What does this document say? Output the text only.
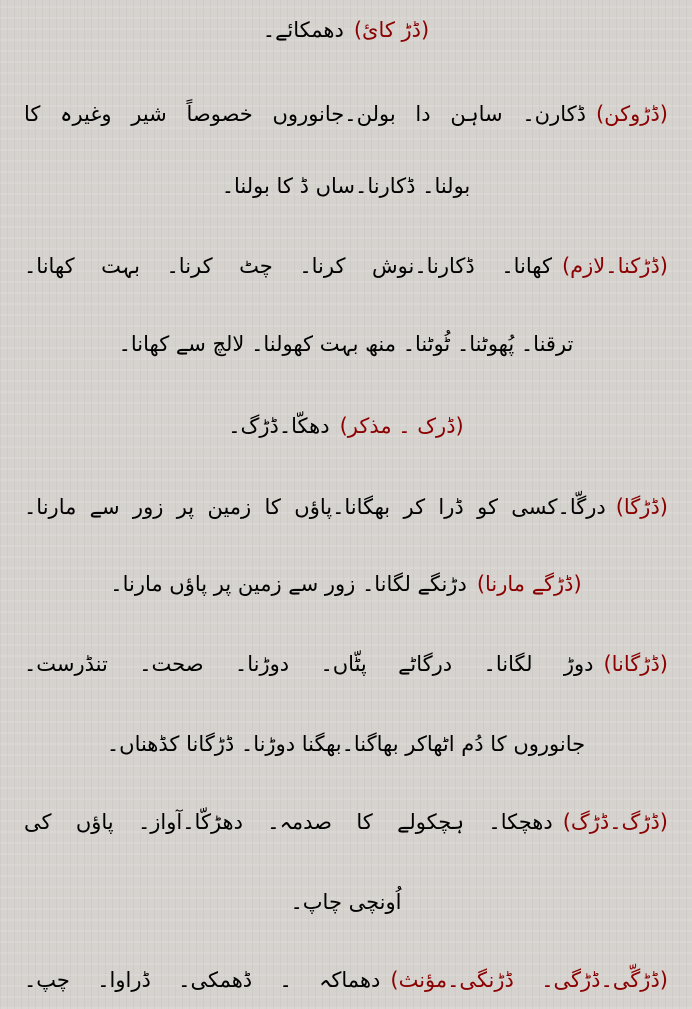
(ڈڑ کائ)دھمکائے۔
(ڈڑوکن)ڈکارن۔ ساہن دا بولن۔جانوروں خصوصاً شیر وغیرہ کا
بولنا۔ ڈکارنا۔ساں ڈ کا بولنا۔
(ڈڑکنا۔لازم)کھانا۔ ڈکارنا۔نوش کرنا۔ چٹ کرنا۔ بہت کھانا۔
ترقنا۔ پُھوٹنا۔ ٹُوٹنا۔ منھ بہت کھولنا۔ لالچ سے کھانا۔
(ڈرک ۔ مذکر)دھکّا۔ڈڑگ۔
(ڈڑگا)درگّا۔کسی کو ڈرا کر بھگانا۔پاؤں کا زمین پر زور سے مارنا۔
(ڈڑگے مارنا)دڑنگے لگانا۔ زور سے زمین پر پاؤں مارنا۔
(ڈڑگانا)دوڑ لگانا۔ درگاٹے پٹّاں۔ دوڑنا۔ صحت۔ تنڈرست۔
جانوروں کا دُم اٹھاکر بھاگنا۔بھگنا دوڑنا۔ ڈڑگانا کڈھناں۔
(ڈڑگ۔ڈڑگ)دھچکا۔ ہچکولے کا صدمہ۔ دھڑکّا۔آواز۔ پاؤں کی
اُونچی چاپ۔
(ڈڑگّی۔ڈڑگی۔ ڈڑنگی۔مؤنث)دھماکہ ۔ ڈھمکی۔ ڈراوا۔ چپ۔
